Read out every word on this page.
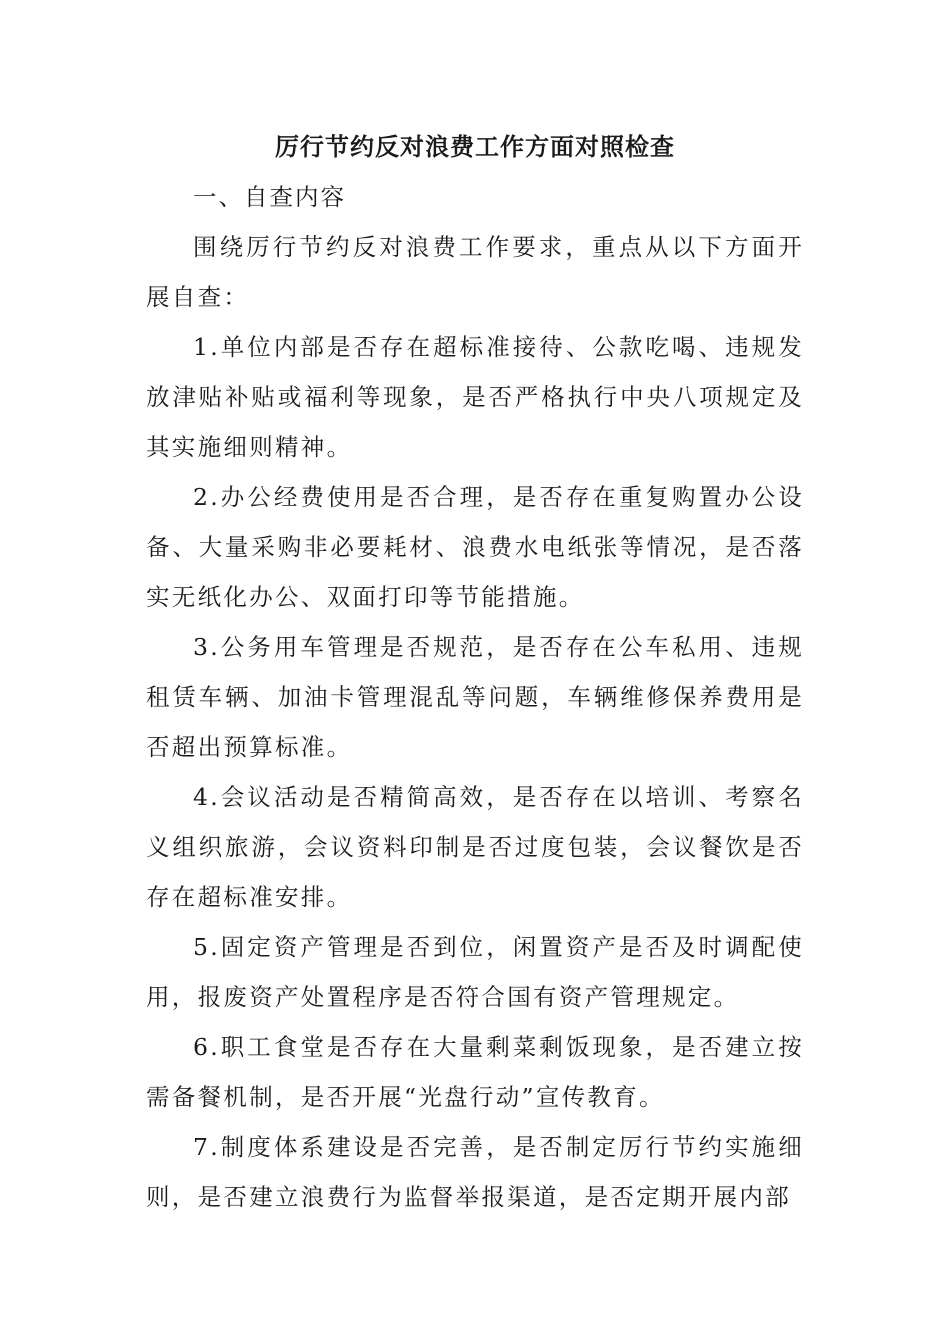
厉行节约反对浪费工作方面对照检查

一、自查内容

围绕厉行节约反对浪费工作要求，重点从以下方面开展自查：

1.单位内部是否存在超标准接待、公款吃喝、违规发放津贴补贴或福利等现象，是否严格执行中央八项规定及其实施细则精神。

2.办公经费使用是否合理，是否存在重复购置办公设备、大量采购非必要耗材、浪费水电纸张等情况，是否落实无纸化办公、双面打印等节能措施。

3.公务用车管理是否规范，是否存在公车私用、违规租赁车辆、加油卡管理混乱等问题，车辆维修保养费用是否超出预算标准。

4.会议活动是否精简高效，是否存在以培训、考察名义组织旅游，会议资料印制是否过度包装，会议餐饮是否存在超标准安排。

5.固定资产管理是否到位，闲置资产是否及时调配使用，报废资产处置程序是否符合国有资产管理规定。

6.职工食堂是否存在大量剩菜剩饭现象，是否建立按需备餐机制，是否开展“光盘行动”宣传教育。

7.制度体系建设是否完善，是否制定厉行节约实施细则，是否建立浪费行为监督举报渠道，是否定期开展内部
